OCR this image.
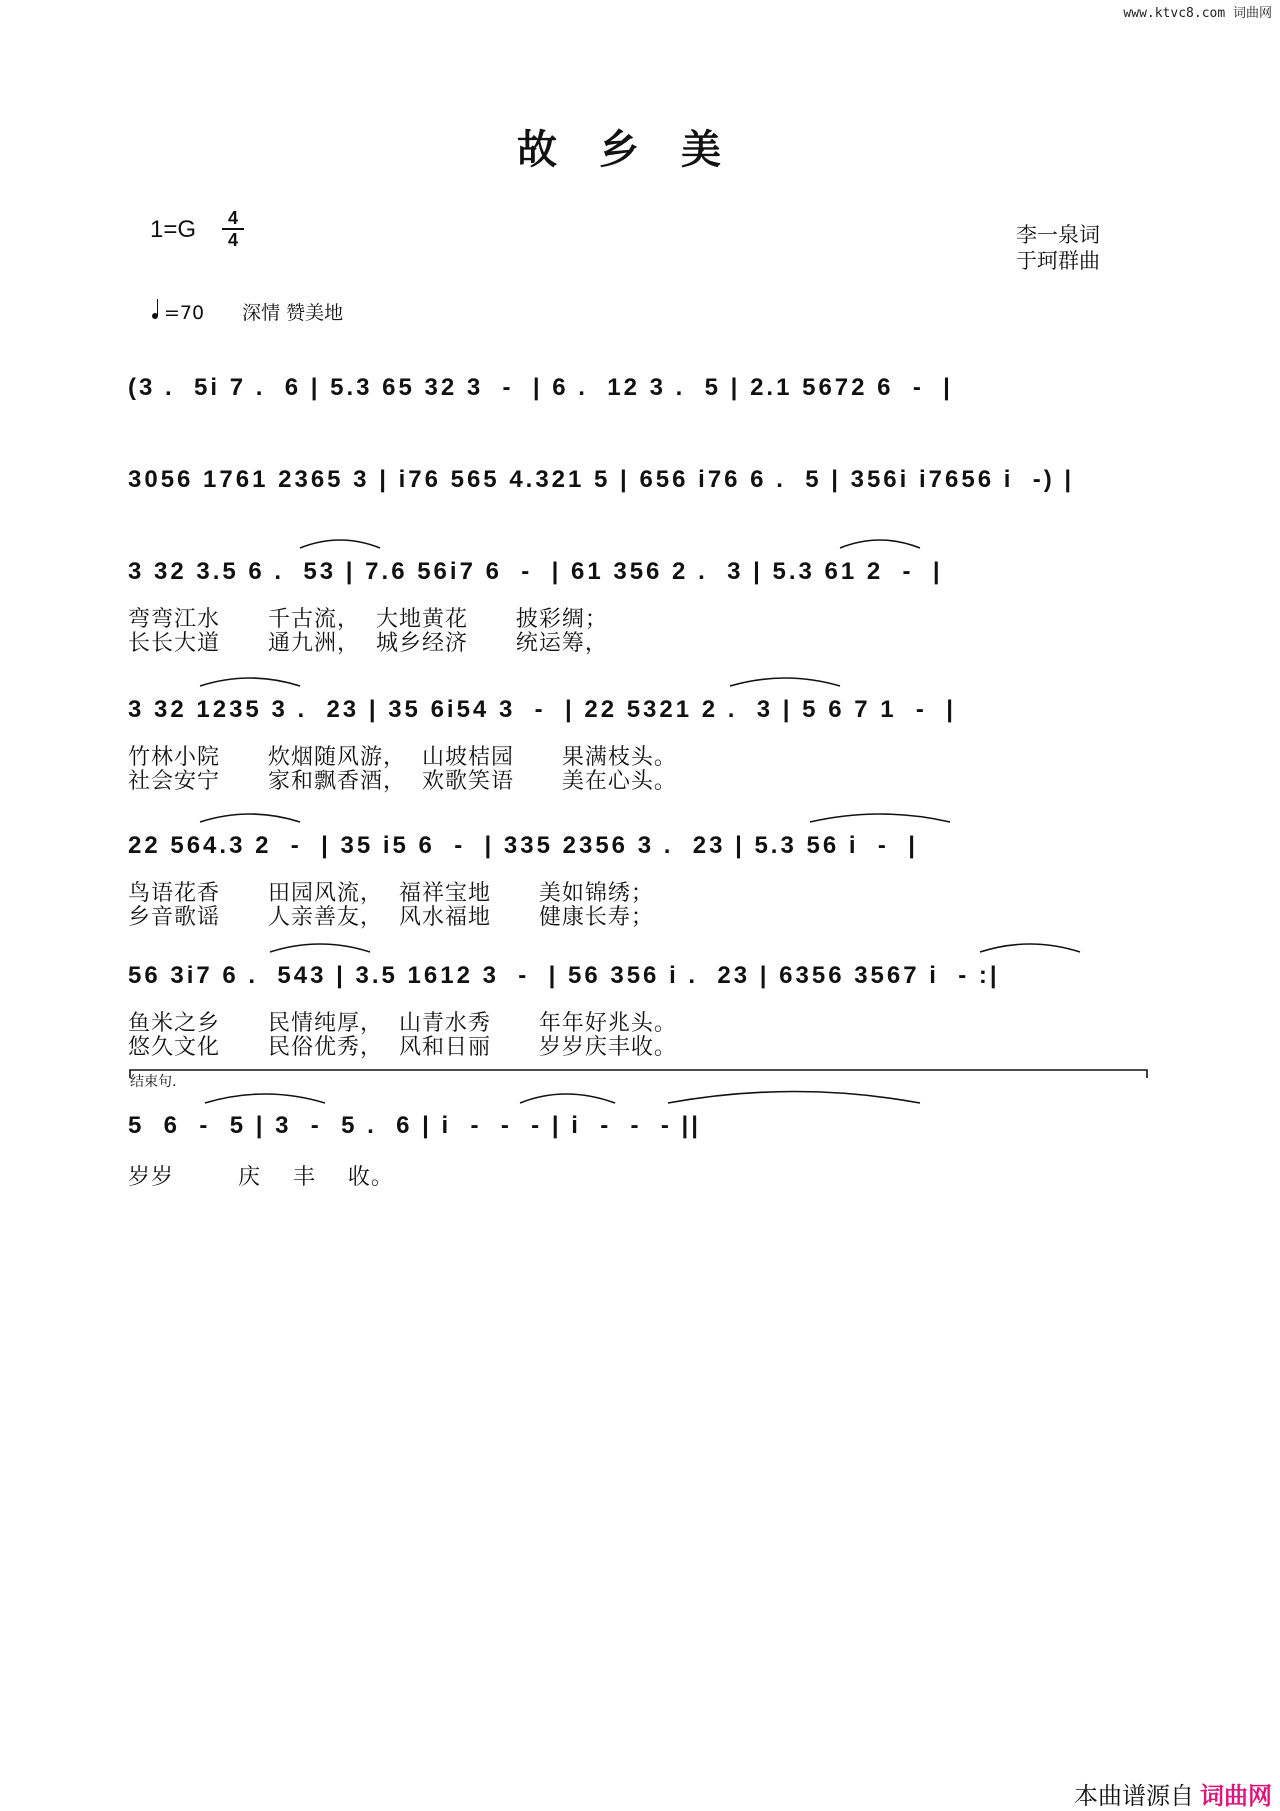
www.ktvc8.com 词曲网
故乡美
$1=G \frac{4}{4}$	李一泉词
于珂群曲
=70 深情 赞美地
(3 .  5i 7 .  6 | 5.3 65 32 3  -  | 6 .  12 3 .  5 | 2.1 5672 6  -  |
3056 1761 2365 3 | i76 565 4.321 5 | 656 i76 6 .  5 | 356i i7656 i  -) |
3 32 3.5 6 .  53 | 7.6 56i7 6  -  | 61 356 2 .  3 | 5.3 61 2  -  |
弯弯江水      千古流，  大地黄花      披彩绸；
长长大道      通九洲，  城乡经济      统运筹，
3 32 1235 3 .  23 | 35 6i54 3  -  | 22 5321 2 .  3 | 5 6 7 1  -  |
竹林小院      炊烟随风游，  山坡桔园      果满枝头。
社会安宁      家和飘香酒，  欢歌笑语      美在心头。
22 564.3 2  -  | 35 i5 6  -  | 335 2356 3 .  23 | 5.3 56 i  -  |
鸟语花香      田园风流，  福祥宝地      美如锦绣；
乡音歌谣      人亲善友，  风水福地      健康长寿；
56 3i7 6 .  543 | 3.5 1612 3  -  | 56 356 i .  23 | 6356 3567 i  - :|
鱼米之乡      民情纯厚，  山青水秀      年年好兆头。
悠久文化      民俗优秀，  风和日丽      岁岁庆丰收。
结束句.
5  6  -  5 | 3  -  5 .  6 | i  -  -  - | i  -  -  - ||
岁岁        庆    丰    收。
本曲谱源自 词曲网
